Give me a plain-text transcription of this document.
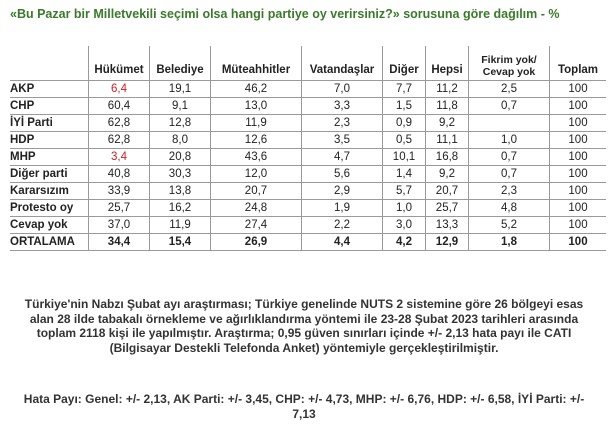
«Bu Pazar bir Milletvekili seçimi olsa hangi partiye oy verirsiniz?» sorusuna göre dağılım - %
	Hükümet	Belediye	Müteahhitler	Vatandaşlar	Diğer	Hepsi	Fikrim yok/ Cevap yok	Toplam
AKP	6,4	19,1	46,2	7,0	7,7	11,2	2,5	100
CHP	60,4	9,1	13,0	3,3	1,5	11,8	0,7	100
İYİ Parti	62,8	12,8	11,9	2,3	0,9	9,2		100
HDP	62,8	8,0	12,6	3,5	0,5	11,1	1,0	100
MHP	3,4	20,8	43,6	4,7	10,1	16,8	0,7	100
Diğer parti	40,8	30,3	12,0	5,6	1,4	9,2	0,7	100
Kararsızım	33,9	13,8	20,7	2,9	5,7	20,7	2,3	100
Protesto oy	25,7	16,2	24,8	1,9	1,0	25,7	4,8	100
Cevap yok	37,0	11,9	27,4	2,2	3,0	13,3	5,2	100
ORTALAMA	34,4	15,4	26,9	4,4	4,2	12,9	1,8	100
Türkiye'nin Nabzı Şubat ayı araştırması; Türkiye genelinde NUTS 2 sistemine göre 26 bölgeyi esas alan 28 ilde tabakalı örnekleme ve ağırlıklandırma yöntemi ile 23-28 Şubat 2023 tarihleri arasında toplam 2118 kişi ile yapılmıştır. Araştırma; 0,95 güven sınırları içinde +/- 2,13 hata payı ile CATI (Bilgisayar Destekli Telefonda Anket) yöntemiyle gerçekleştirilmiştir.
Hata Payı: Genel: +/- 2,13, AK Parti: +/- 3,45, CHP: +/- 4,73, MHP: +/- 6,76, HDP: +/- 6,58, İYİ Parti: +/- 7,13
